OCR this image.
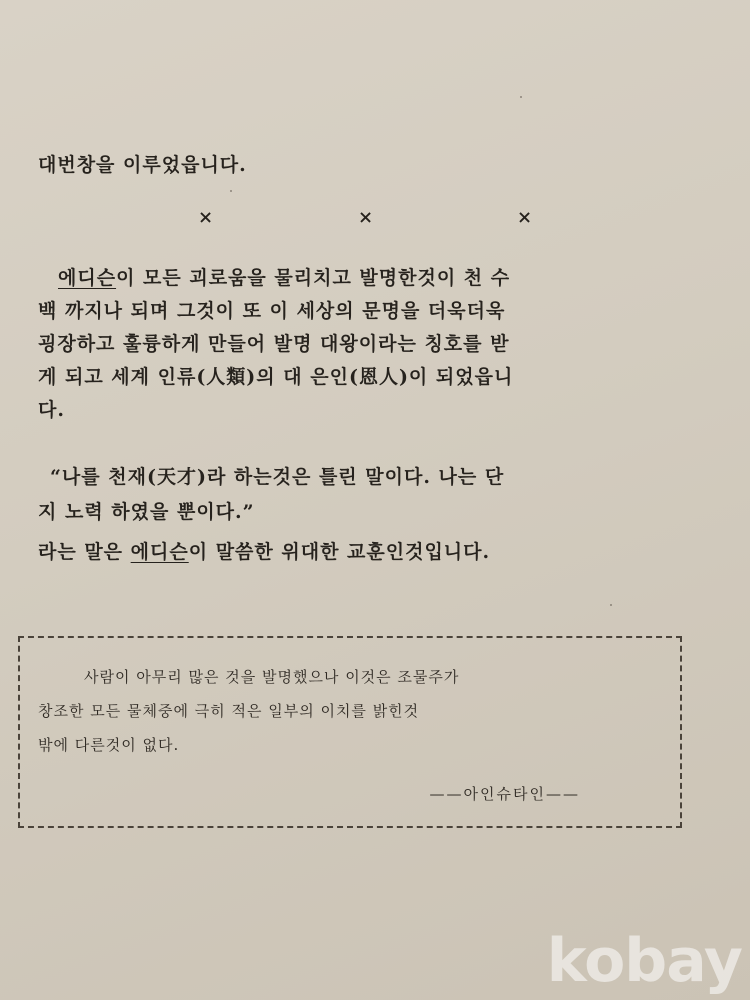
대번창을 이루었읍니다.
×	×	×
에디슨이 모든 괴로움을 물리치고 발명한것이 천 수
백 까지나 되며 그것이 또 이 세상의 문명을 더욱더욱
굉장하고 훌륭하게 만들어 발명 대왕이라는 칭호를 받
게 되고 세계 인류(人類)의 대 은인(恩人)이 되었읍니
다.
“나를 천재(天才)라 하는것은 틀린 말이다. 나는 단
지 노력 하였을 뿐이다.”
라는 말은 에디슨이 말씀한 위대한 교훈인것입니다.
사람이 아무리 많은 것을 발명했으나 이것은 조물주가
창조한 모든 물체중에 극히 적은 일부의 이치를 밝힌것
밖에 다른것이 없다.
——아인슈타인——
kobay
